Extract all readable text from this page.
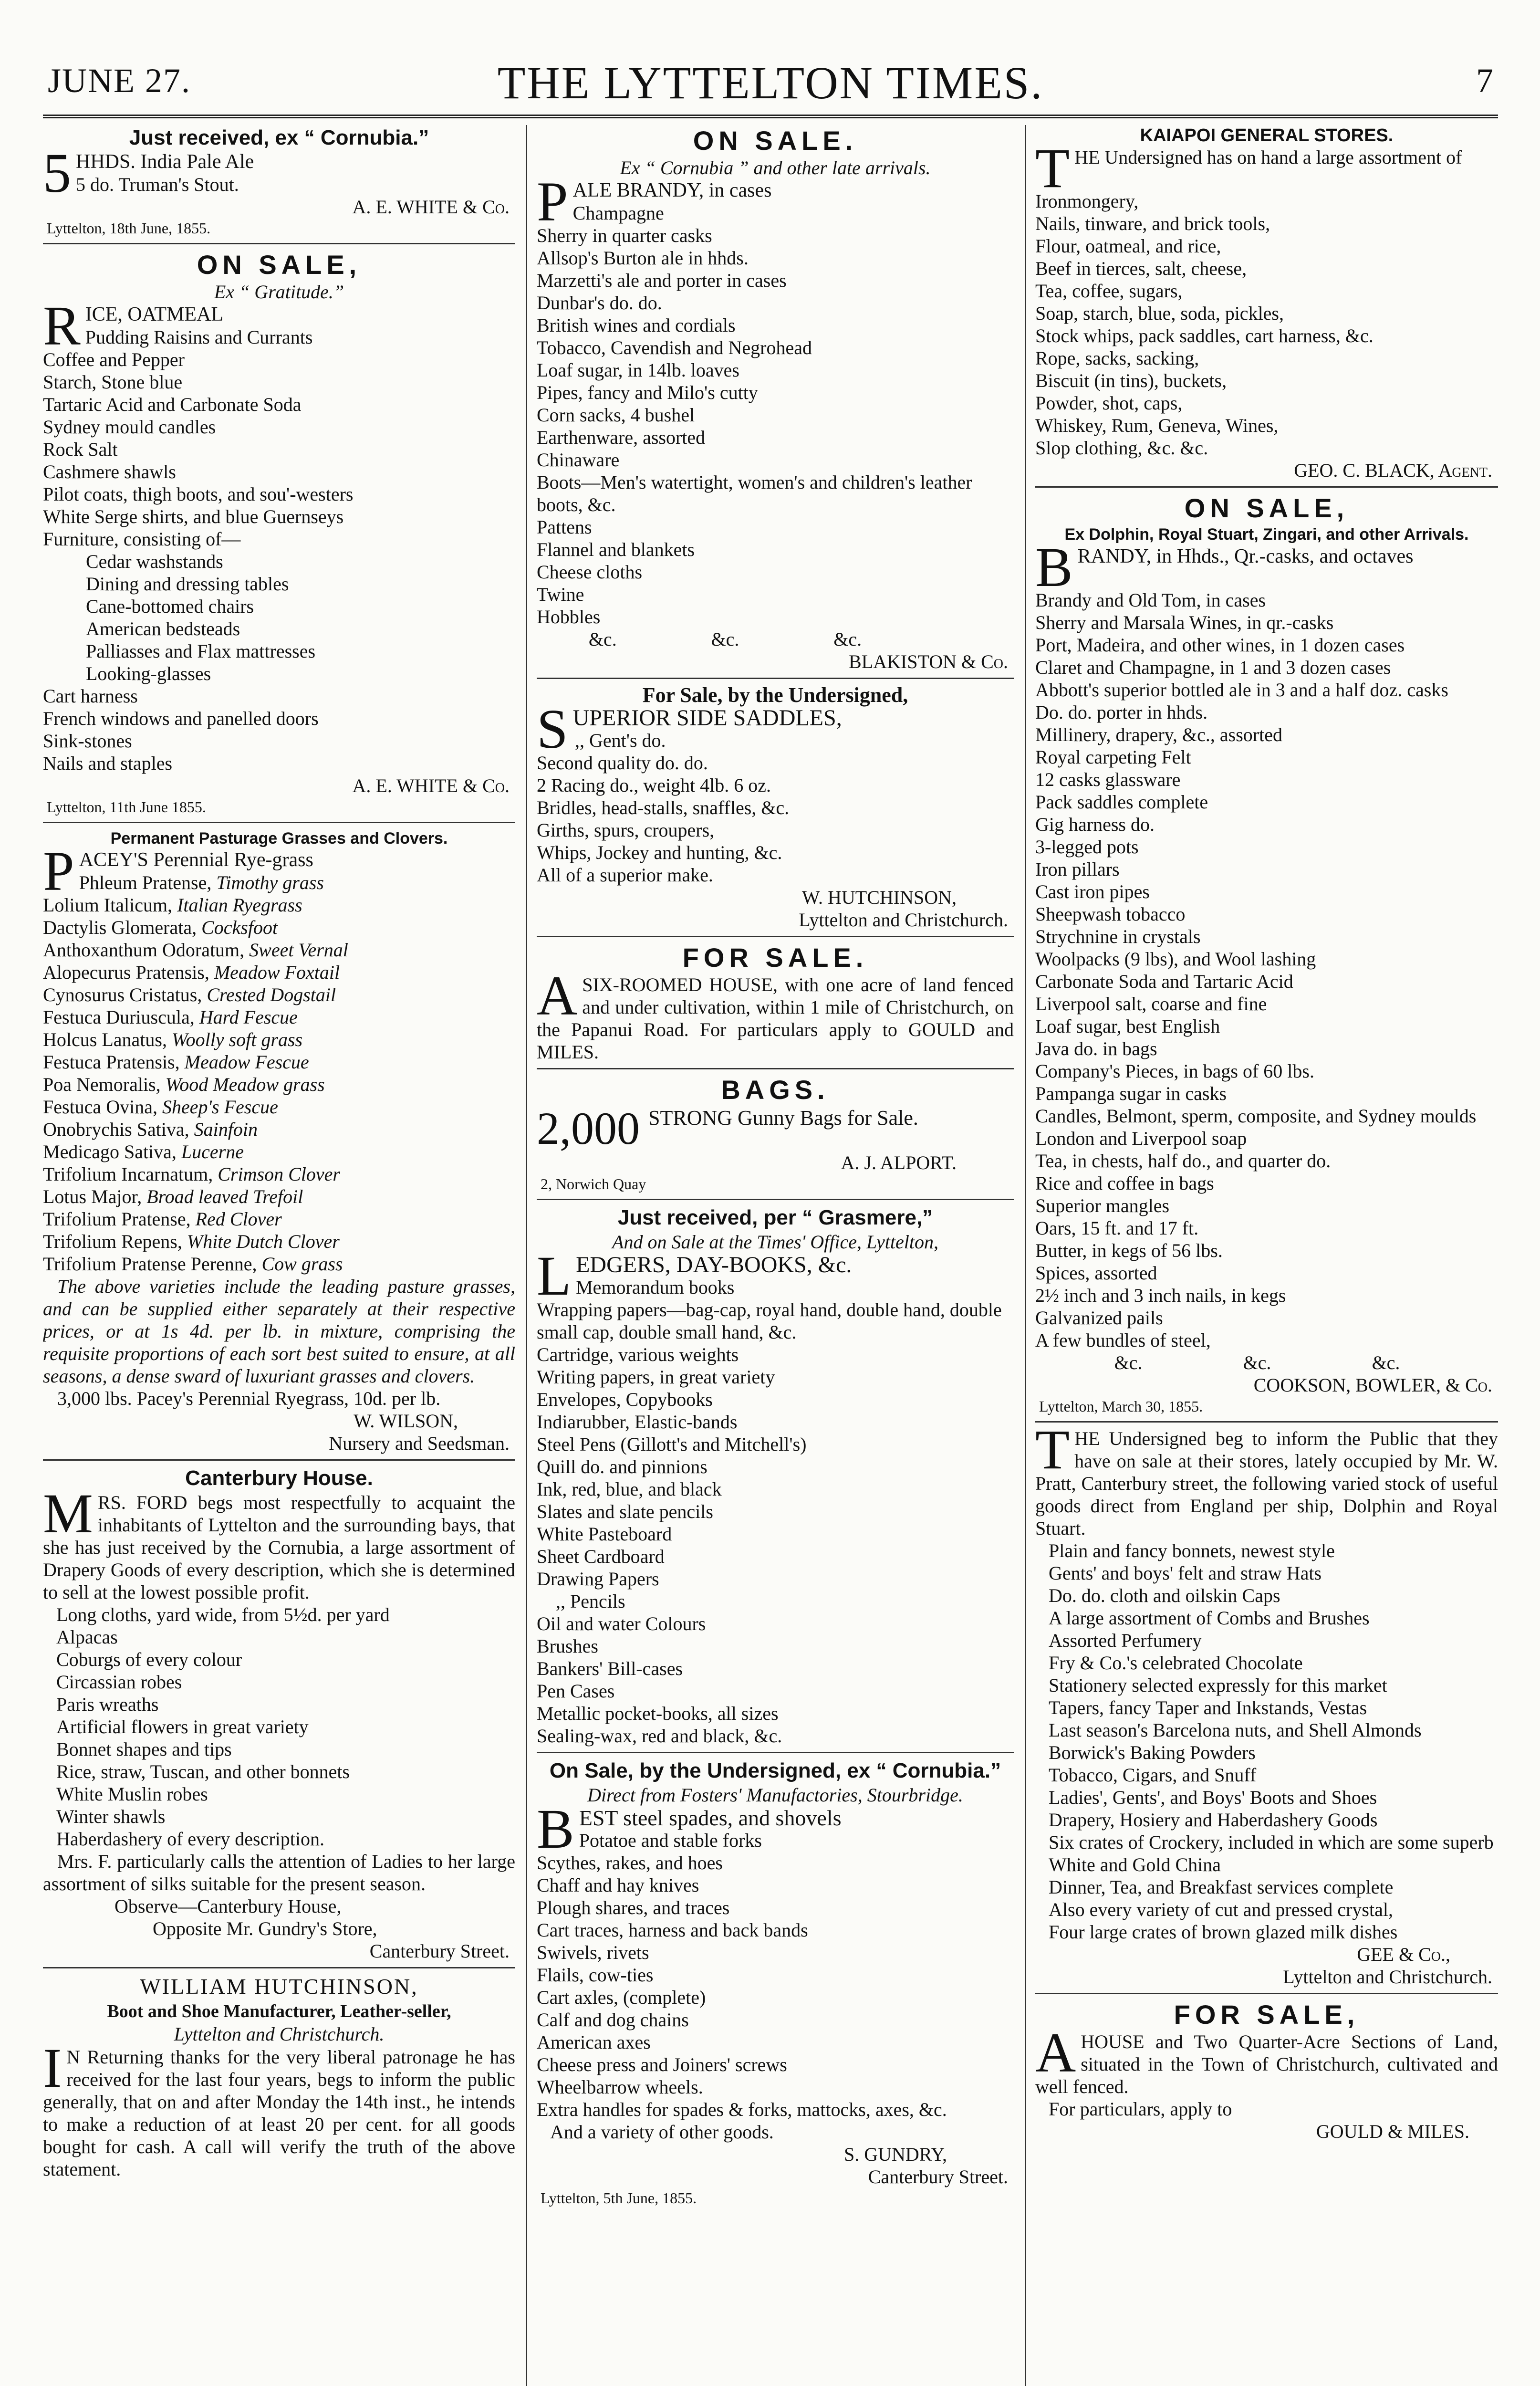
JUNE 27.	THE LYTTELTON TIMES.	7
Just received, ex “ Cornubia.”
5 HHDS. India Pale Ale
5 do. Truman's Stout.
A. E. WHITE & Co.
Lyttelton, 18th June, 1855.
ON SALE,
Ex “ Gratitude.”
R ICE, OATMEAL
Pudding Raisins and Currants
Coffee and Pepper
Starch, Stone blue
Tartaric Acid and Carbonate Soda
Sydney mould candles
Rock Salt
Cashmere shawls
Pilot coats, thigh boots, and sou'-westers
White Serge shirts, and blue Guernseys
Furniture, consisting of—
Cedar washstands
Dining and dressing tables
Cane-bottomed chairs
American bedsteads
Palliasses and Flax mattresses
Looking-glasses
Cart harness
French windows and panelled doors
Sink-stones
Nails and staples
A. E. WHITE & Co.
Lyttelton, 11th June 1855.
Permanent Pasturage Grasses and Clovers.
P ACEY'S Perennial Rye-grass
Phleum Pratense, Timothy grass
Lolium Italicum, Italian Ryegrass
Dactylis Glomerata, Cocksfoot
Anthoxanthum Odoratum, Sweet Vernal
Alopecurus Pratensis, Meadow Foxtail
Cynosurus Cristatus, Crested Dogstail
Festuca Duriuscula, Hard Fescue
Holcus Lanatus, Woolly soft grass
Festuca Pratensis, Meadow Fescue
Poa Nemoralis, Wood Meadow grass
Festuca Ovina, Sheep's Fescue
Onobrychis Sativa, Sainfoin
Medicago Sativa, Lucerne
Trifolium Incarnatum, Crimson Clover
Lotus Major, Broad leaved Trefoil
Trifolium Pratense, Red Clover
Trifolium Repens, White Dutch Clover
Trifolium Pratense Perenne, Cow grass
The above varieties include the leading pasture grasses, and can be supplied either separately at their respective prices, or at 1s 4d. per lb. in mixture, comprising the requisite proportions of each sort best suited to ensure, at all seasons, a dense sward of luxuriant grasses and clovers.
3,000 lbs. Pacey's Perennial Ryegrass, 10d. per lb.
W. WILSON,
Nursery and Seedsman.
Canterbury House.
MRS. FORD begs most respectfully to acquaint the inhabitants of Lyttelton and the surrounding bays, that she has just received by the Cornubia, a large assortment of Drapery Goods of every description, which she is determined to sell at the lowest possible profit.
Long cloths, yard wide, from 5½d. per yard
Alpacas
Coburgs of every colour
Circassian robes
Paris wreaths
Artificial flowers in great variety
Bonnet shapes and tips
Rice, straw, Tuscan, and other bonnets
White Muslin robes
Winter shawls
Haberdashery of every description.
Mrs. F. particularly calls the attention of Ladies to her large assortment of silks suitable for the present season.
Observe—Canterbury House,
Opposite Mr. Gundry's Store,
Canterbury Street.
WILLIAM HUTCHINSON,
Boot and Shoe Manufacturer, Leather-seller,
Lyttelton and Christchurch.
I N Returning thanks for the very liberal patronage he has received for the last four years, begs to inform the public generally, that on and after Monday the 14th inst., he intends to make a reduction of at least 20 per cent. for all goods bought for cash. A call will verify the truth of the above statement.
ON SALE.
Ex “ Cornubia ” and other late arrivals.
P ALE BRANDY, in cases
Champagne
Sherry in quarter casks
Allsop's Burton ale in hhds.
Marzetti's ale and porter in cases
Dunbar's do. do.
British wines and cordials
Tobacco, Cavendish and Negrohead
Loaf sugar, in 14lb. loaves
Pipes, fancy and Milo's cutty
Corn sacks, 4 bushel
Earthenware, assorted
Chinaware
Boots—Men's watertight, women's and children's leather boots, &c.
Pattens
Flannel and blankets
Cheese cloths
Twine
Hobbles
&c.	&c.	&c.
BLAKISTON & Co.
For Sale, by the Undersigned,
S UPERIOR SIDE SADDLES,
,, Gent's do.
Second quality do. do.
2 Racing do., weight 4lb. 6 oz.
Bridles, head-stalls, snaffles, &c.
Girths, spurs, croupers,
Whips, Jockey and hunting, &c.
All of a superior make.
W. HUTCHINSON,
Lyttelton and Christchurch.
FOR SALE.
ASIX-ROOMED HOUSE, with one acre of land fenced and under cultivation, within 1 mile of Christchurch, on the Papanui Road. For particulars apply to GOULD and MILES.
BAGS.
2,000 STRONG Gunny Bags for Sale.
A. J. ALPORT.
2, Norwich Quay
Just received, per “ Grasmere,”
And on Sale at the Times' Office, Lyttelton,
L EDGERS, DAY-BOOKS, &c.
Memorandum books
Wrapping papers—bag-cap, royal hand, double hand, double small cap, double small hand, &c.
Cartridge, various weights
Writing papers, in great variety
Envelopes, Copybooks
Indiarubber, Elastic-bands
Steel Pens (Gillott's and Mitchell's)
Quill do. and pinnions
Ink, red, blue, and black
Slates and slate pencils
White Pasteboard
Sheet Cardboard
Drawing Papers
,, Pencils
Oil and water Colours
Brushes
Bankers' Bill-cases
Pen Cases
Metallic pocket-books, all sizes
Sealing-wax, red and black, &c.
On Sale, by the Undersigned, ex “ Cornubia.”
Direct from Fosters' Manufactories, Stourbridge.
B EST steel spades, and shovels
Potatoe and stable forks
Scythes, rakes, and hoes
Chaff and hay knives
Plough shares, and traces
Cart traces, harness and back bands
Swivels, rivets
Flails, cow-ties
Cart axles, (complete)
Calf and dog chains
American axes
Cheese press and Joiners' screws
Wheelbarrow wheels.
Extra handles for spades & forks, mattocks, axes, &c.
And a variety of other goods.
S. GUNDRY,
Canterbury Street.
Lyttelton, 5th June, 1855.
KAIAPOI GENERAL STORES.
THE Undersigned has on hand a large assortment of
Ironmongery,
Nails, tinware, and brick tools,
Flour, oatmeal, and rice,
Beef in tierces, salt, cheese,
Tea, coffee, sugars,
Soap, starch, blue, soda, pickles,
Stock whips, pack saddles, cart harness, &c.
Rope, sacks, sacking,
Biscuit (in tins), buckets,
Powder, shot, caps,
Whiskey, Rum, Geneva, Wines,
Slop clothing, &c. &c.
GEO. C. BLACK, Agent.
ON SALE,
Ex Dolphin, Royal Stuart, Zingari, and other Arrivals.
BRANDY, in Hhds., Qr.-casks, and octaves
Brandy and Old Tom, in cases
Sherry and Marsala Wines, in qr.-casks
Port, Madeira, and other wines, in 1 dozen cases
Claret and Champagne, in 1 and 3 dozen cases
Abbott's superior bottled ale in 3 and a half doz. casks
Do. do. porter in hhds.
Millinery, drapery, &c., assorted
Royal carpeting Felt
12 casks glassware
Pack saddles complete
Gig harness do.
3-legged pots
Iron pillars
Cast iron pipes
Sheepwash tobacco
Strychnine in crystals
Woolpacks (9 lbs), and Wool lashing
Carbonate Soda and Tartaric Acid
Liverpool salt, coarse and fine
Loaf sugar, best English
Java do. in bags
Company's Pieces, in bags of 60 lbs.
Pampanga sugar in casks
Candles, Belmont, sperm, composite, and Sydney moulds
London and Liverpool soap
Tea, in chests, half do., and quarter do.
Rice and coffee in bags
Superior mangles
Oars, 15 ft. and 17 ft.
Butter, in kegs of 56 lbs.
Spices, assorted
2½ inch and 3 inch nails, in kegs
Galvanized pails
A few bundles of steel,
&c.	&c.	&c.
COOKSON, BOWLER, & Co.
Lyttelton, March 30, 1855.
THE Undersigned beg to inform the Public that they have on sale at their stores, lately occupied by Mr. W. Pratt, Canterbury street, the following varied stock of useful goods direct from England per ship, Dolphin and Royal Stuart.
Plain and fancy bonnets, newest style
Gents' and boys' felt and straw Hats
Do. do. cloth and oilskin Caps
A large assortment of Combs and Brushes
Assorted Perfumery
Fry & Co.'s celebrated Chocolate
Stationery selected expressly for this market
Tapers, fancy Taper and Inkstands, Vestas
Last season's Barcelona nuts, and Shell Almonds
Borwick's Baking Powders
Tobacco, Cigars, and Snuff
Ladies', Gents', and Boys' Boots and Shoes
Drapery, Hosiery and Haberdashery Goods
Six crates of Crockery, included in which are some superb White and Gold China
Dinner, Tea, and Breakfast services complete
Also every variety of cut and pressed crystal,
Four large crates of brown glazed milk dishes
GEE & Co.,
Lyttelton and Christchurch.
FOR SALE,
AHOUSE and Two Quarter-Acre Sections of Land, situated in the Town of Christchurch, cultivated and well fenced.
For particulars, apply to
GOULD & MILES.
